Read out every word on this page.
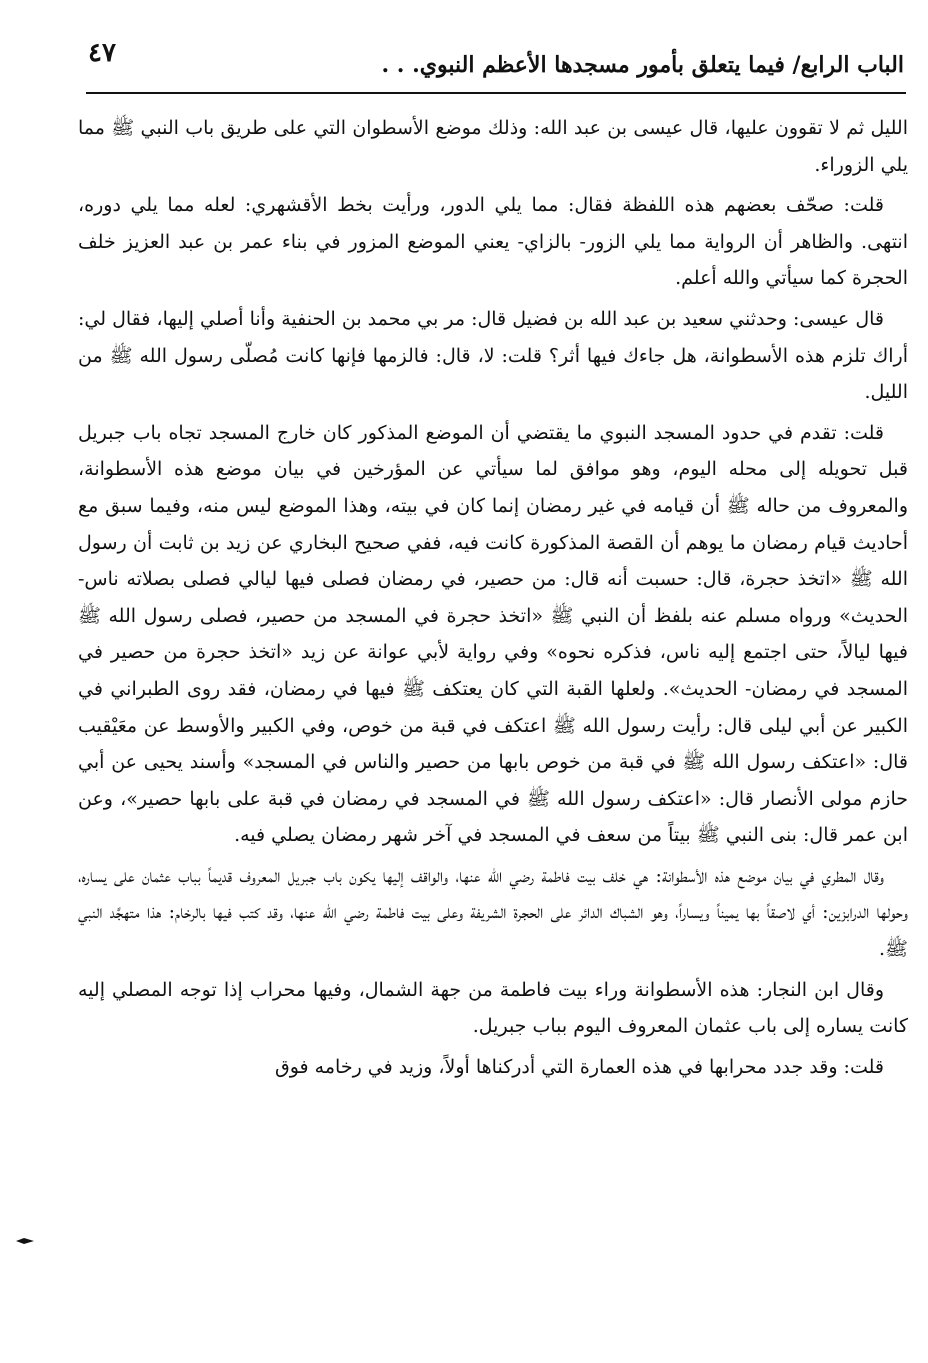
٤٧	الباب الرابع/ فيما يتعلق بأمور مسجدها الأعظم النبوي. . .

الليل ثم لا تقوون عليها، قال عيسى بن عبد الله: وذلك موضع الأسطوان التي على طريق باب النبي ﷺ مما يلي الزوراء.

قلت: صحّف بعضهم هذه اللفظة فقال: مما يلي الدور، ورأيت بخط الأقشهري: لعله مما يلي دوره، انتهى. والظاهر أن الرواية مما يلي الزور- بالزاي- يعني الموضع المزور في بناء عمر بن عبد العزيز خلف الحجرة كما سيأتي والله أعلم.

قال عيسى: وحدثني سعيد بن عبد الله بن فضيل قال: مر بي محمد بن الحنفية وأنا أصلي إليها، فقال لي: أراك تلزم هذه الأسطوانة، هل جاءك فيها أثر؟ قلت: لا، قال: فالزمها فإنها كانت مُصلّى رسول الله ﷺ من الليل.

قلت: تقدم في حدود المسجد النبوي ما يقتضي أن الموضع المذكور كان خارج المسجد تجاه باب جبريل قبل تحويله إلى محله اليوم، وهو موافق لما سيأتي عن المؤرخين في بيان موضع هذه الأسطوانة، والمعروف من حاله ﷺ أن قيامه في غير رمضان إنما كان في بيته، وهذا الموضع ليس منه، وفيما سبق مع أحاديث قيام رمضان ما يوهم أن القصة المذكورة كانت فيه، ففي صحيح البخاري عن زيد بن ثابت أن رسول الله ﷺ «اتخذ حجرة، قال: حسبت أنه قال: من حصير، في رمضان فصلى فيها ليالي فصلى بصلاته ناس- الحديث» ورواه مسلم عنه بلفظ أن النبي ﷺ «اتخذ حجرة في المسجد من حصير، فصلى رسول الله ﷺ فيها ليالاً، حتى اجتمع إليه ناس، فذكره نحوه» وفي رواية لأبي عوانة عن زيد «اتخذ حجرة من حصير في المسجد في رمضان- الحديث». ولعلها القبة التي كان يعتكف ﷺ فيها في رمضان، فقد روى الطبراني في الكبير عن أبي ليلى قال: رأيت رسول الله ﷺ اعتكف في قبة من خوص، وفي الكبير والأوسط عن معَيْقيب قال: «اعتكف رسول الله ﷺ في قبة من خوص بابها من حصير والناس في المسجد» وأسند يحيى عن أبي حازم مولى الأنصار قال: «اعتكف رسول الله ﷺ في المسجد في رمضان في قبة على بابها حصير»، وعن ابن عمر قال: بنى النبي ﷺ بيتاً من سعف في المسجد في آخر شهر رمضان يصلي فيه.

وقال المطري في بيان موضع هذه الأسطوانة: هي خلف بيت فاطمة رضي الله عنها، والواقف إليها يكون باب جبريل المعروف قديماً بباب عثمان على يساره، وحولها الدرابزين: أي لاصقاً بها يميناً ويساراً، وهو الشباك الدائر على الحجرة الشريفة وعلى بيت فاطمة رضي الله عنها، وقد كتب فيها بالرخام: هذا متهجَّد النبي ﷺ.

وقال ابن النجار: هذه الأسطوانة وراء بيت فاطمة من جهة الشمال، وفيها محراب إذا توجه المصلي إليه كانت يساره إلى باب عثمان المعروف اليوم بباب جبريل.

قلت: وقد جدد محرابها في هذه العمارة التي أدركناها أولاً، وزيد في رخامه فوق
